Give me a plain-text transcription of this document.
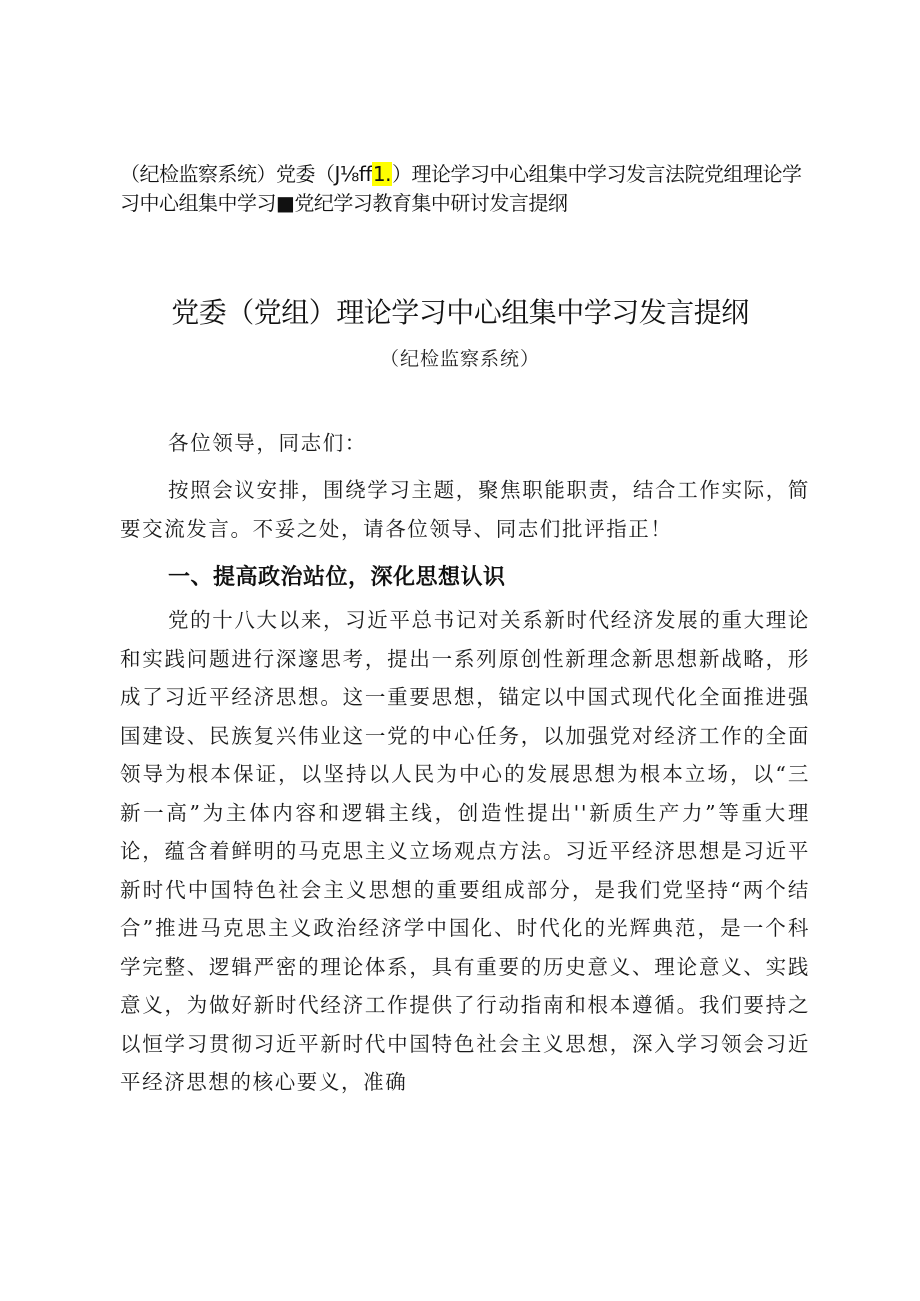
（纪检监察系统）党委（J⅛ff1.）理论学习中心组集中学习发言法院党组理论学习中心组集中学习■党纪学习教育集中研讨发言提纲
党委（党组）理论学习中心组集中学习发言提纲
（纪检监察系统）
各位领导，同志们：
按照会议安排，围绕学习主题，聚焦职能职责，结合工作实际，简要交流发言。不妥之处，请各位领导、同志们批评指正！
一、提高政治站位，深化思想认识
党的十八大以来，习近平总书记对关系新时代经济发展的重大理论和实践问题进行深邃思考，提出一系列原创性新理念新思想新战略，形成了习近平经济思想。这一重要思想，锚定以中国式现代化全面推进强国建设、民族复兴伟业这一党的中心任务，以加强党对经济工作的全面领导为根本保证，以坚持以人民为中心的发展思想为根本立场，以“三新一高”为主体内容和逻辑主线，创造性提出''新质生产力”等重大理论，蕴含着鲜明的马克思主义立场观点方法。习近平经济思想是习近平新时代中国特色社会主义思想的重要组成部分，是我们党坚持“两个结合”推进马克思主义政治经济学中国化、时代化的光辉典范，是一个科学完整、逻辑严密的理论体系，具有重要的历史意义、理论意义、实践意义，为做好新时代经济工作提供了行动指南和根本遵循。我们要持之以恒学习贯彻习近平新时代中国特色社会主义思想，深入学习领会习近平经济思想的核心要义，准确
